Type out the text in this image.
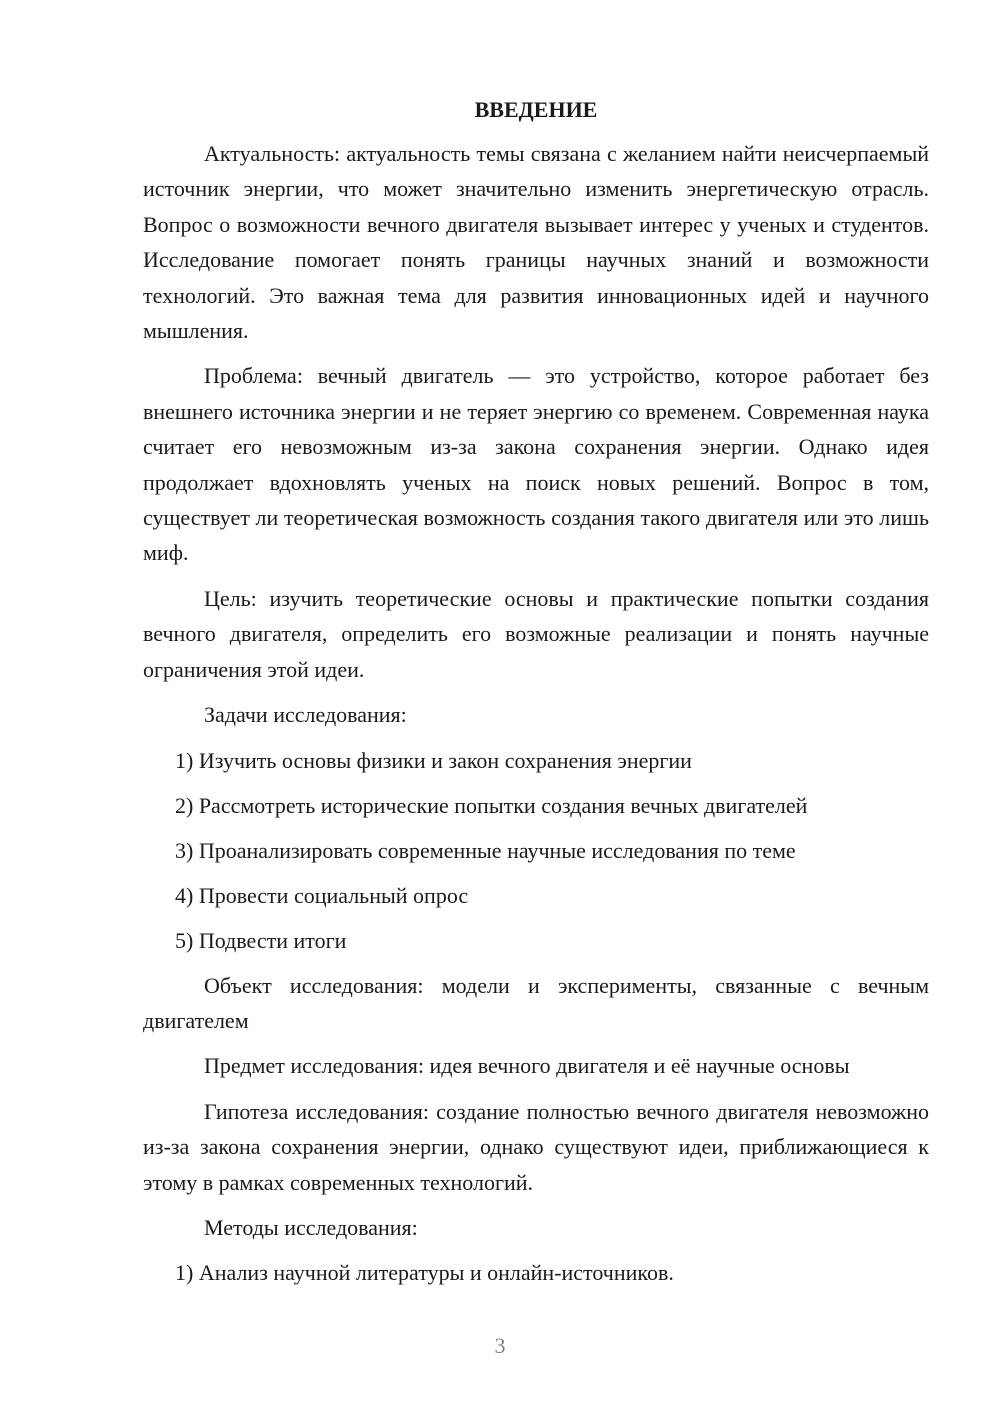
ВВЕДЕНИЕ

Актуальность: актуальность темы связана с желанием найти неисчерпаемый источник энергии, что может значительно изменить энергетическую отрасль. Вопрос о возможности вечного двигателя вызывает интерес у ученых и студентов. Исследование помогает понять границы научных знаний и возможности технологий. Это важная тема для развития инновационных идей и научного мышления.

Проблема: вечный двигатель — это устройство, которое работает без внешнего источника энергии и не теряет энергию со временем. Современная наука считает его невозможным из-за закона сохранения энергии. Однако идея продолжает вдохновлять ученых на поиск новых решений. Вопрос в том, существует ли теоретическая возможность создания такого двигателя или это лишь миф.

Цель: изучить теоретические основы и практические попытки создания вечного двигателя, определить его возможные реализации и понять научные ограничения этой идеи.

Задачи исследования:

1) Изучить основы физики и закон сохранения энергии
2) Рассмотреть исторические попытки создания вечных двигателей
3) Проанализировать современные научные исследования по теме
4) Провести социальный опрос
5) Подвести итоги

Объект исследования: модели и эксперименты, связанные с вечным двигателем

Предмет исследования: идея вечного двигателя и её научные основы

Гипотеза исследования: создание полностью вечного двигателя невозможно из-за закона сохранения энергии, однако существуют идеи, приближающиеся к этому в рамках современных технологий.

Методы исследования:

1) Анализ научной литературы и онлайн-источников.
3
